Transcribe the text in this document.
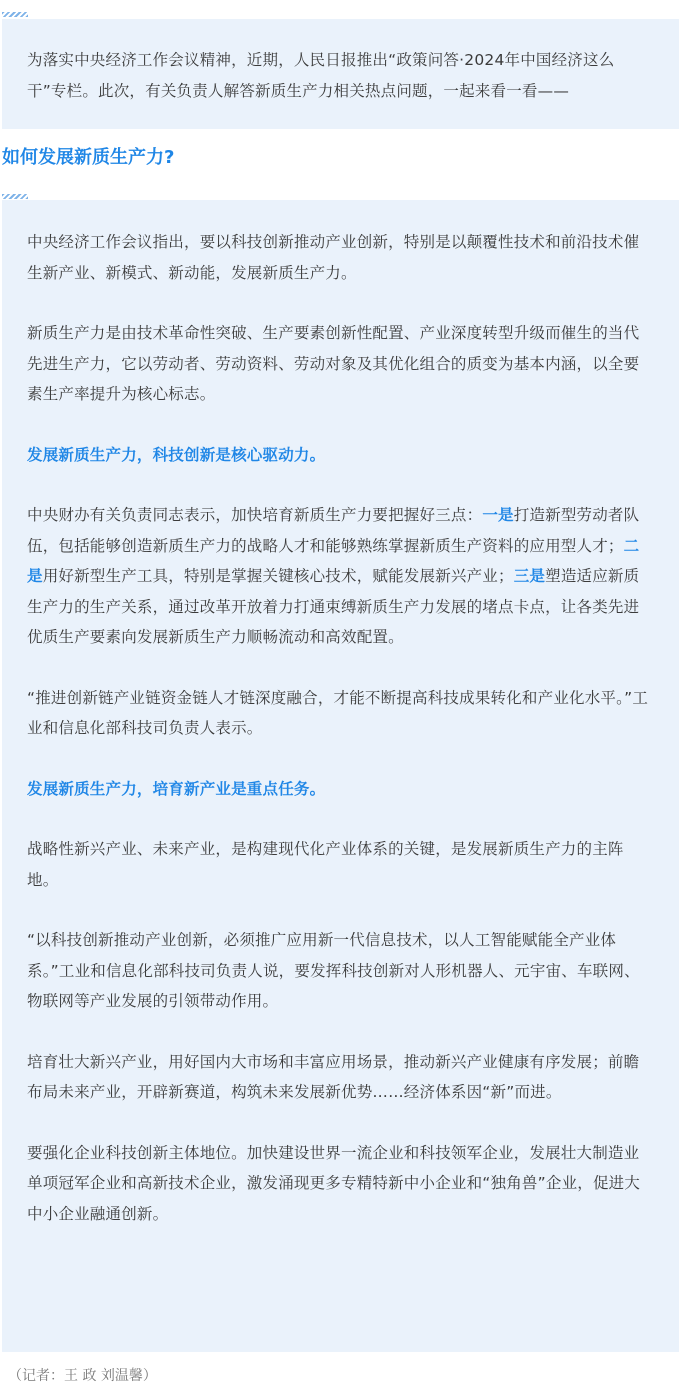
为落实中央经济工作会议精神，近期，人民日报推出“政策问答·2024年中国经济这么干”专栏。此次，有关负责人解答新质生产力相关热点问题，一起来看一看——

如何发展新质生产力?

中央经济工作会议指出，要以科技创新推动产业创新，特别是以颠覆性技术和前沿技术催生新产业、新模式、新动能，发展新质生产力。

新质生产力是由技术革命性突破、生产要素创新性配置、产业深度转型升级而催生的当代先进生产力，它以劳动者、劳动资料、劳动对象及其优化组合的质变为基本内涵，以全要素生产率提升为核心标志。

发展新质生产力，科技创新是核心驱动力。

中央财办有关负责同志表示，加快培育新质生产力要把握好三点：一是打造新型劳动者队伍，包括能够创造新质生产力的战略人才和能够熟练掌握新质生产资料的应用型人才；二是用好新型生产工具，特别是掌握关键核心技术，赋能发展新兴产业；三是塑造适应新质生产力的生产关系，通过改革开放着力打通束缚新质生产力发展的堵点卡点，让各类先进优质生产要素向发展新质生产力顺畅流动和高效配置。

“推进创新链产业链资金链人才链深度融合，才能不断提高科技成果转化和产业化水平。”工业和信息化部科技司负责人表示。

发展新质生产力，培育新产业是重点任务。

战略性新兴产业、未来产业，是构建现代化产业体系的关键，是发展新质生产力的主阵地。

“以科技创新推动产业创新，必须推广应用新一代信息技术，以人工智能赋能全产业体系。”工业和信息化部科技司负责人说，要发挥科技创新对人形机器人、元宇宙、车联网、物联网等产业发展的引领带动作用。

培育壮大新兴产业，用好国内大市场和丰富应用场景，推动新兴产业健康有序发展；前瞻布局未来产业，开辟新赛道，构筑未来发展新优势……经济体系因“新”而进。

要强化企业科技创新主体地位。加快建设世界一流企业和科技领军企业，发展壮大制造业单项冠军企业和高新技术企业，激发涌现更多专精特新中小企业和“独角兽”企业，促进大中小企业融通创新。

（记者：王 政 刘温馨）
